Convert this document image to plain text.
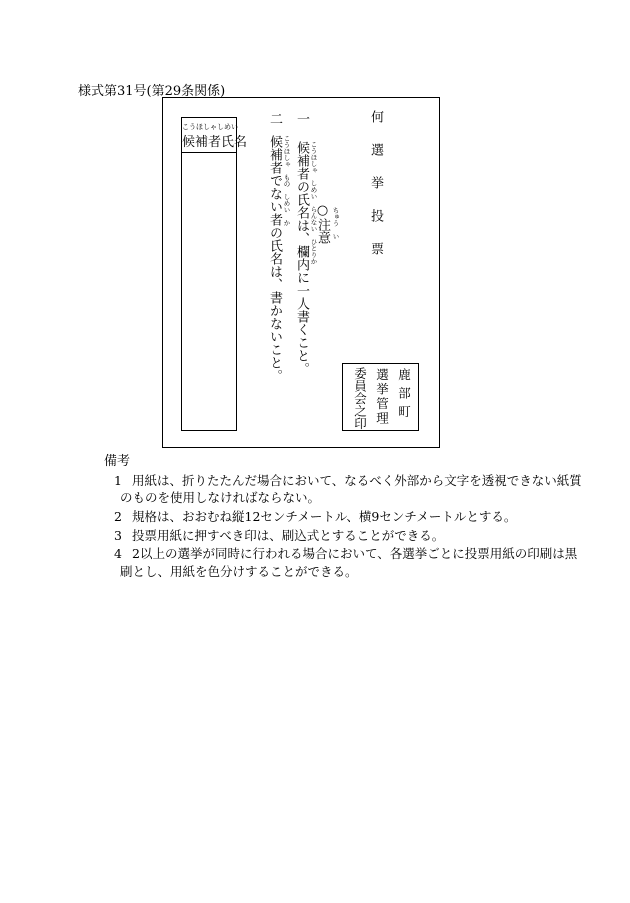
様式第31号(第29条関係)
こうほしゃしめい
候補者氏名
二
候補者でない者の氏名は、書かないこと。 こうほしゃ　もの　しめい　か
一
候補者の氏名は、欄内に一人書くこと。 こうほしゃ　しめい　らんない　ひとりか
○注意 ちゅう　い 何選挙投票
鹿部町
選挙管理
委員会之印
備考
1 用紙は、折りたたんだ場合において、なるべく外部から文字を透視できない紙質
のものを使用しなければならない。
2 規格は、おおむね縦12センチメートル、横9センチメートルとする。
3 投票用紙に押すべき印は、刷込式とすることができる。
4 2以上の選挙が同時に行われる場合において、各選挙ごとに投票用紙の印刷は黒
刷とし、用紙を色分けすることができる。
